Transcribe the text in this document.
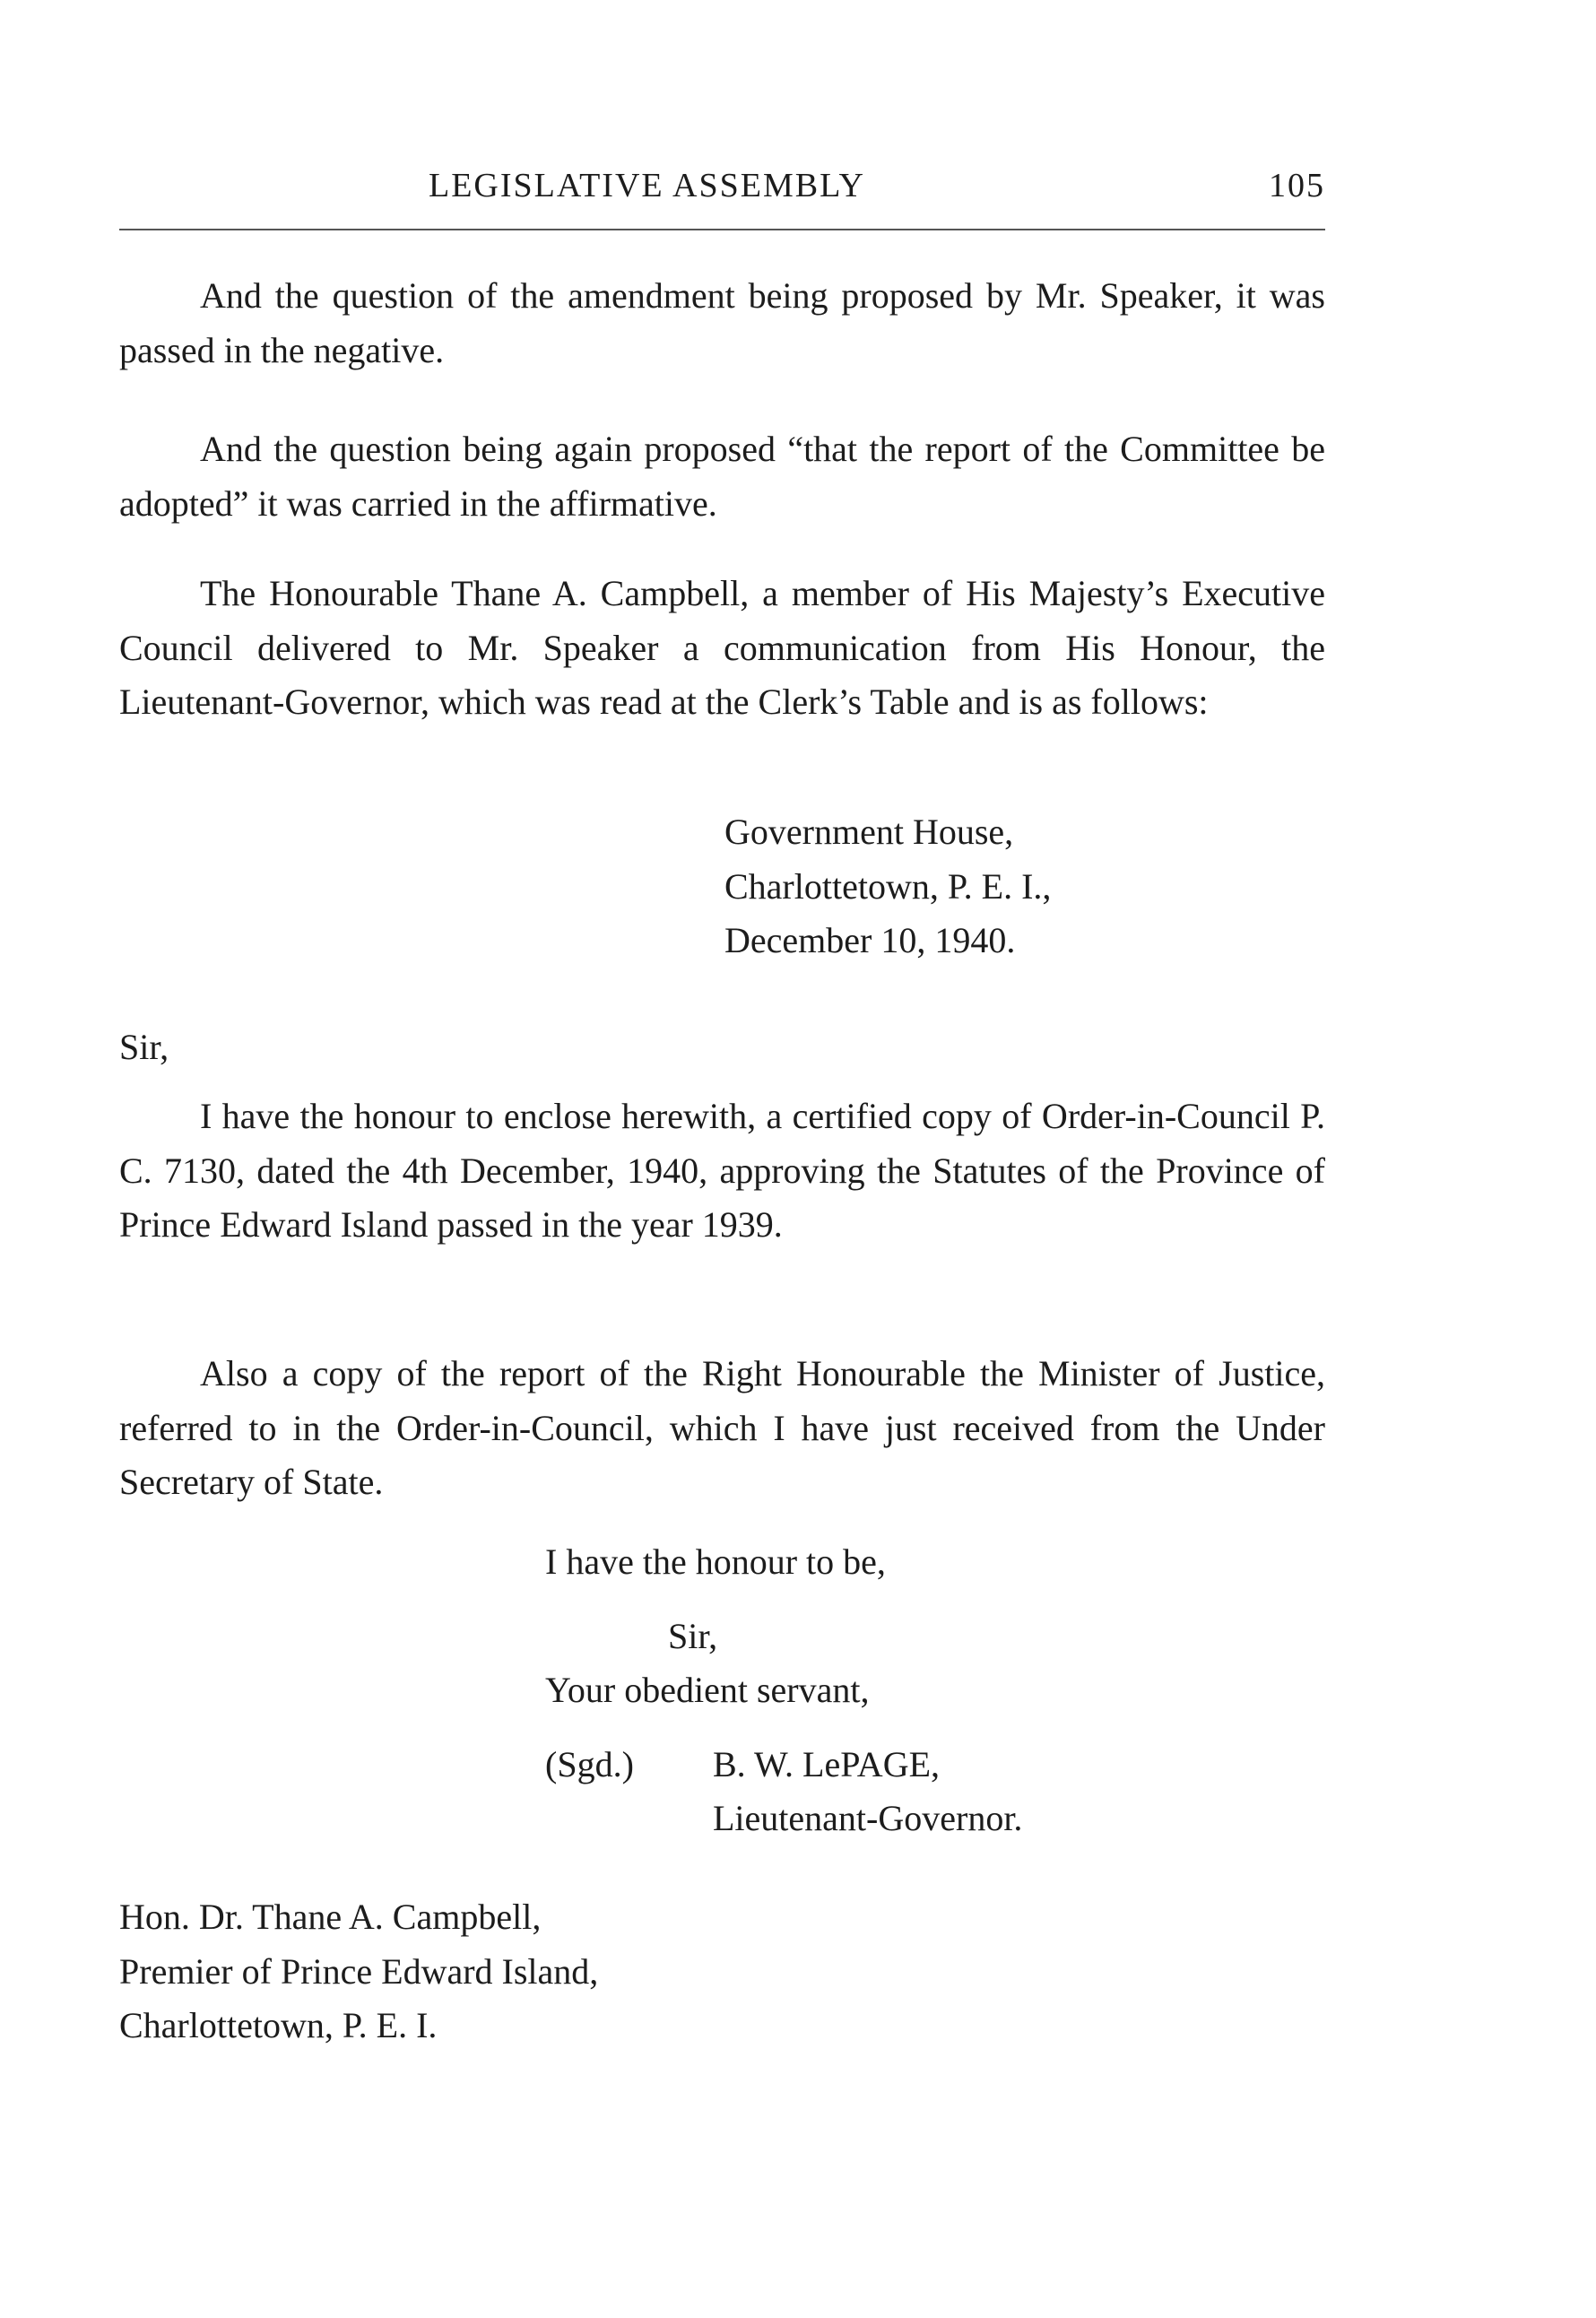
LEGISLATIVE ASSEMBLY	105

And the question of the amendment being proposed by Mr. Speaker, it was passed in the negative.

And the question being again proposed “that the report of the Committee be adopted” it was carried in the affirmative.

The Honourable Thane A. Campbell, a member of His Majesty’s Executive Council delivered to Mr. Speaker a communication from His Honour, the Lieutenant-Governor, which was read at the Clerk’s Table and is as follows:

Government House,
Charlottetown, P. E. I.,
December 10, 1940.
Sir,

I have the honour to enclose herewith, a certified copy of Order-in-Council P. C. 7130, dated the 4th December, 1940, approving the Statutes of the Province of Prince Edward Island passed in the year 1939.

Also a copy of the report of the Right Honourable the Minister of Justice, referred to in the Order-in-Council, which I have just received from the Under Secretary of State.

I have the honour to be,
Sir,
Your obedient servant,
(Sgd.) B. W. LePAGE,
Lieutenant-Governor.
Hon. Dr. Thane A. Campbell,
Premier of Prince Edward Island,
Charlottetown, P. E. I.
